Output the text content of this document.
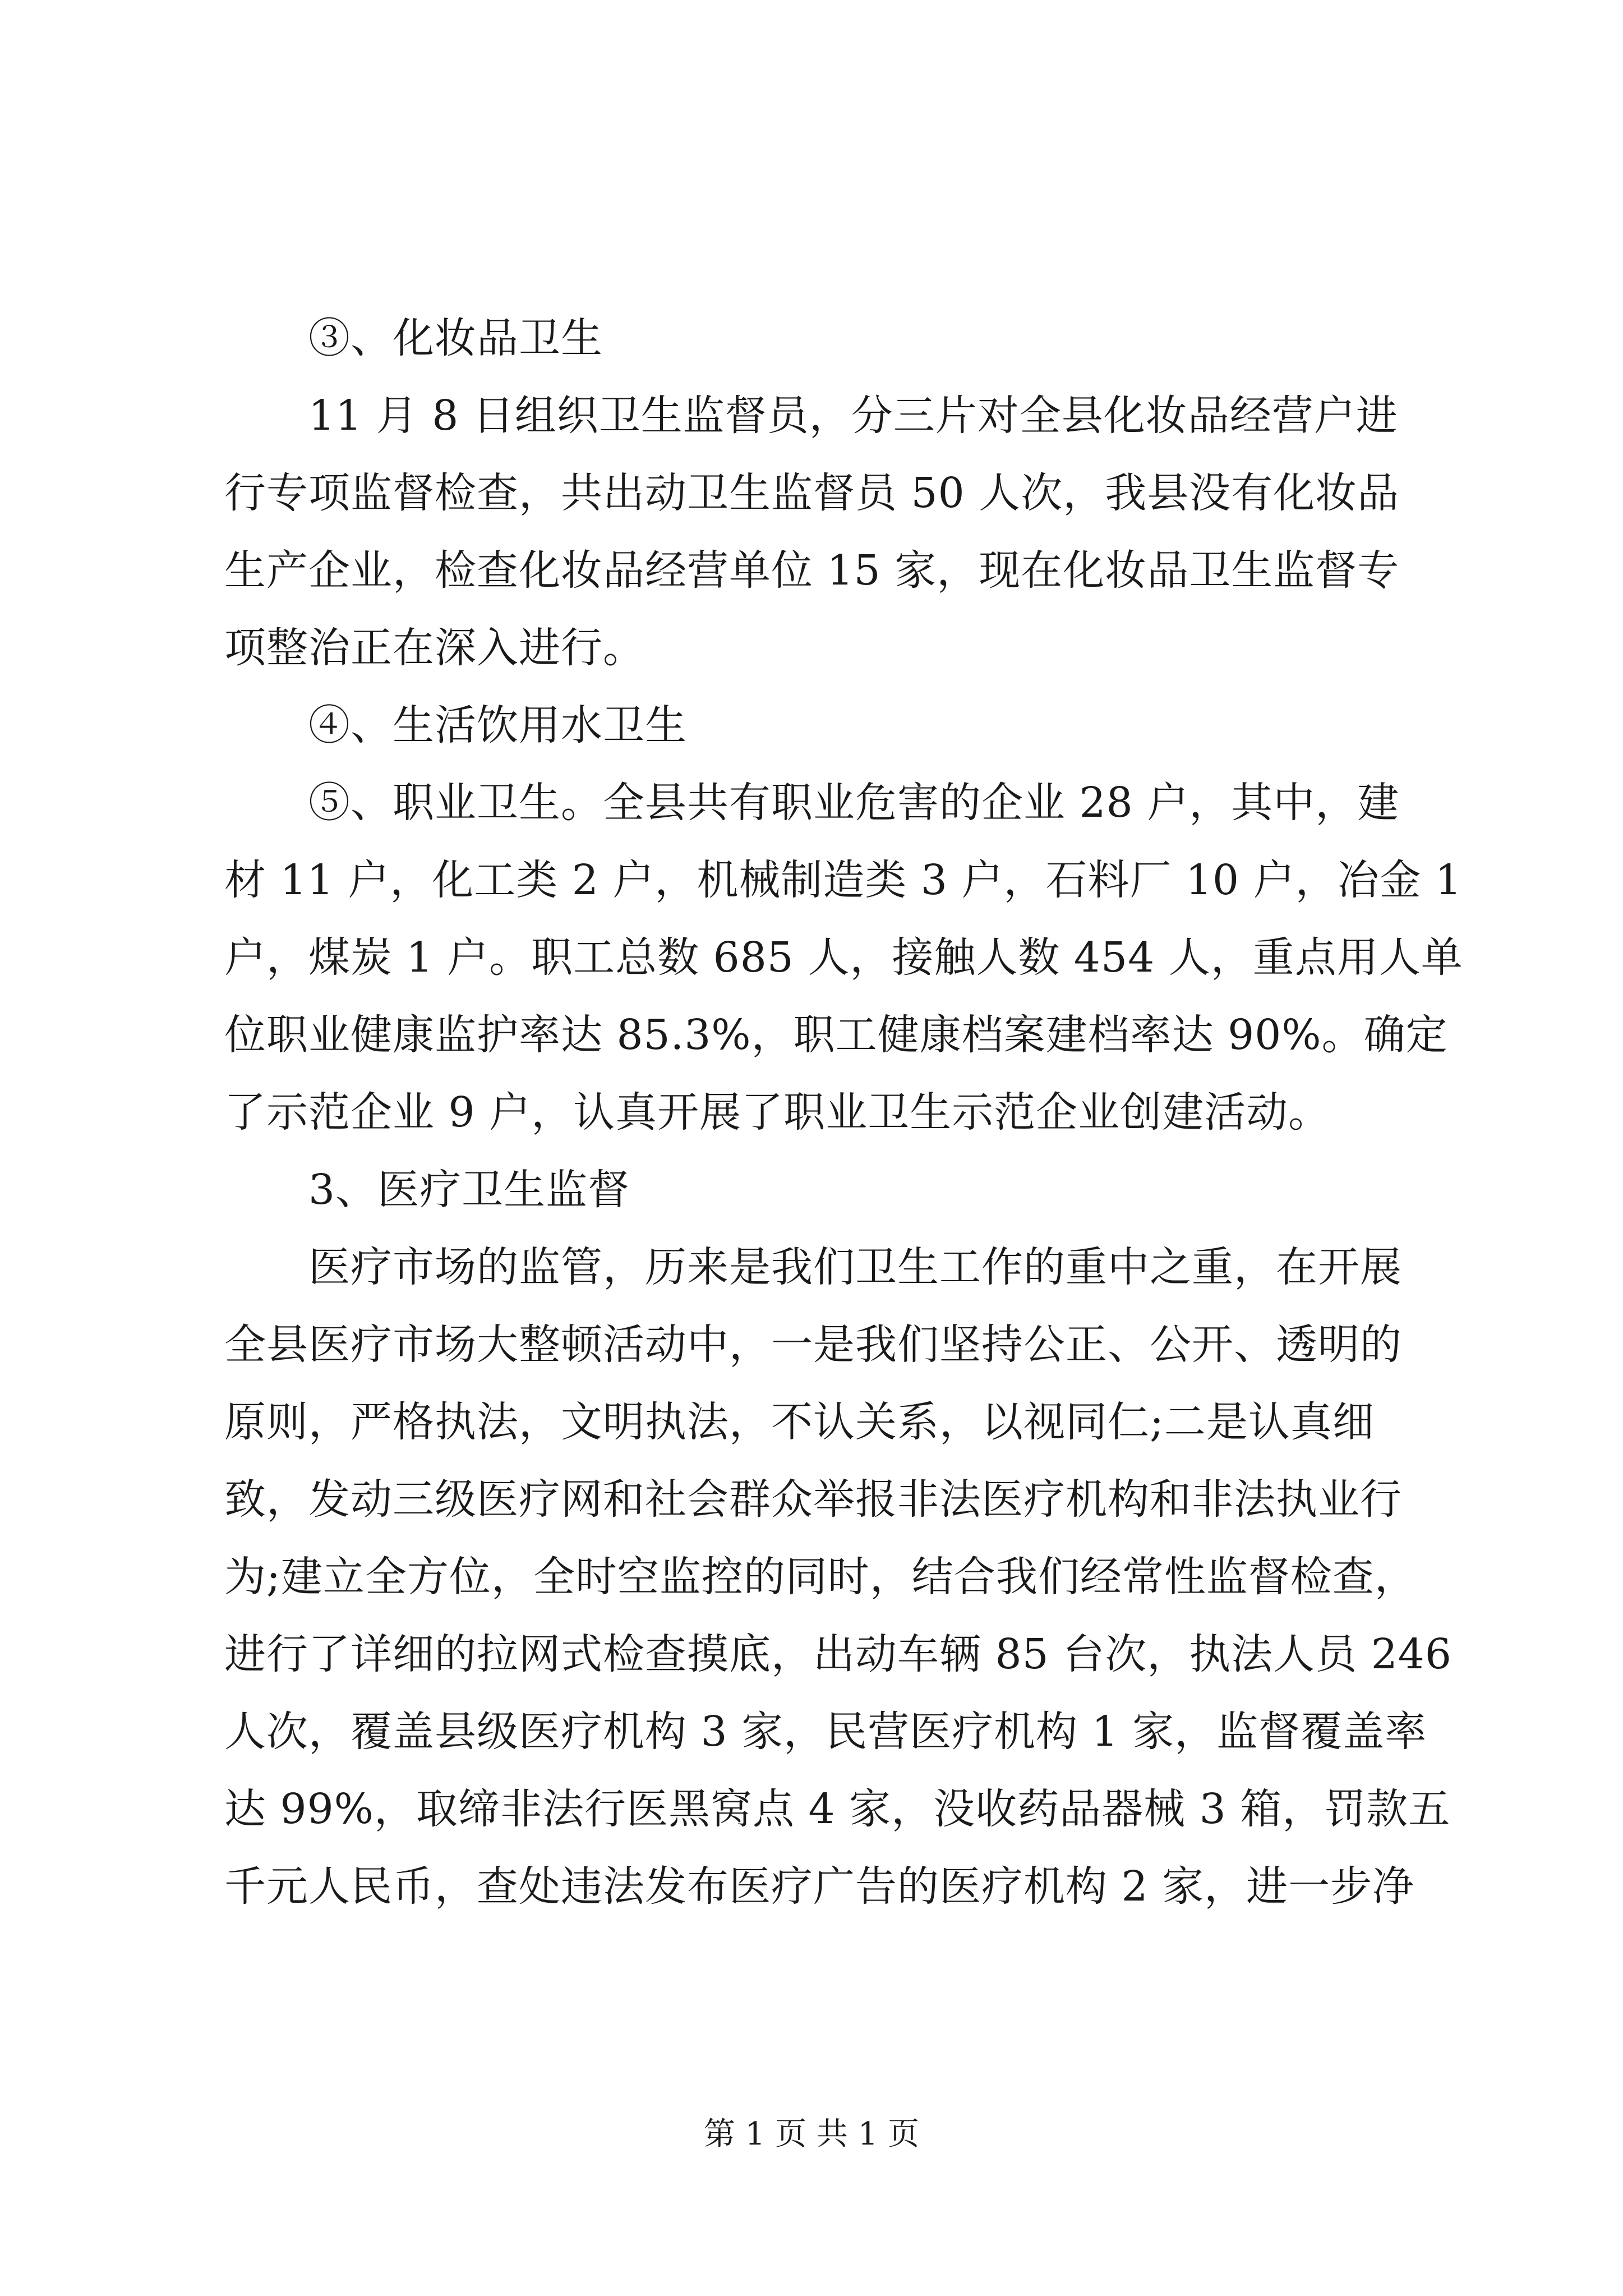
③、化妆品卫生
11 月 8 日组织卫生监督员，分三片对全县化妆品经营户进
行专项监督检查，共出动卫生监督员 50 人次，我县没有化妆品
生产企业，检查化妆品经营单位 15 家，现在化妆品卫生监督专
项整治正在深入进行。
④、生活饮用水卫生
⑤、职业卫生。全县共有职业危害的企业 28 户，其中，建
材 11 户，化工类 2 户，机械制造类 3 户，石料厂 10 户，冶金 1
户，煤炭 1 户。职工总数 685 人，接触人数 454 人，重点用人单
位职业健康监护率达 85.3%，职工健康档案建档率达 90%。确定
了示范企业 9 户，认真开展了职业卫生示范企业创建活动。
3、医疗卫生监督
医疗市场的监管，历来是我们卫生工作的重中之重，在开展
全县医疗市场大整顿活动中，一是我们坚持公正、公开、透明的
原则，严格执法，文明执法，不认关系，以视同仁;二是认真细
致，发动三级医疗网和社会群众举报非法医疗机构和非法执业行
为;建立全方位，全时空监控的同时，结合我们经常性监督检查，
进行了详细的拉网式检查摸底，出动车辆 85 台次，执法人员 246
人次，覆盖县级医疗机构 3 家，民营医疗机构 1 家，监督覆盖率
达 99%，取缔非法行医黑窝点 4 家，没收药品器械 3 箱，罚款五
千元人民币，查处违法发布医疗广告的医疗机构 2 家，进一步净
第 1 页 共 1 页
